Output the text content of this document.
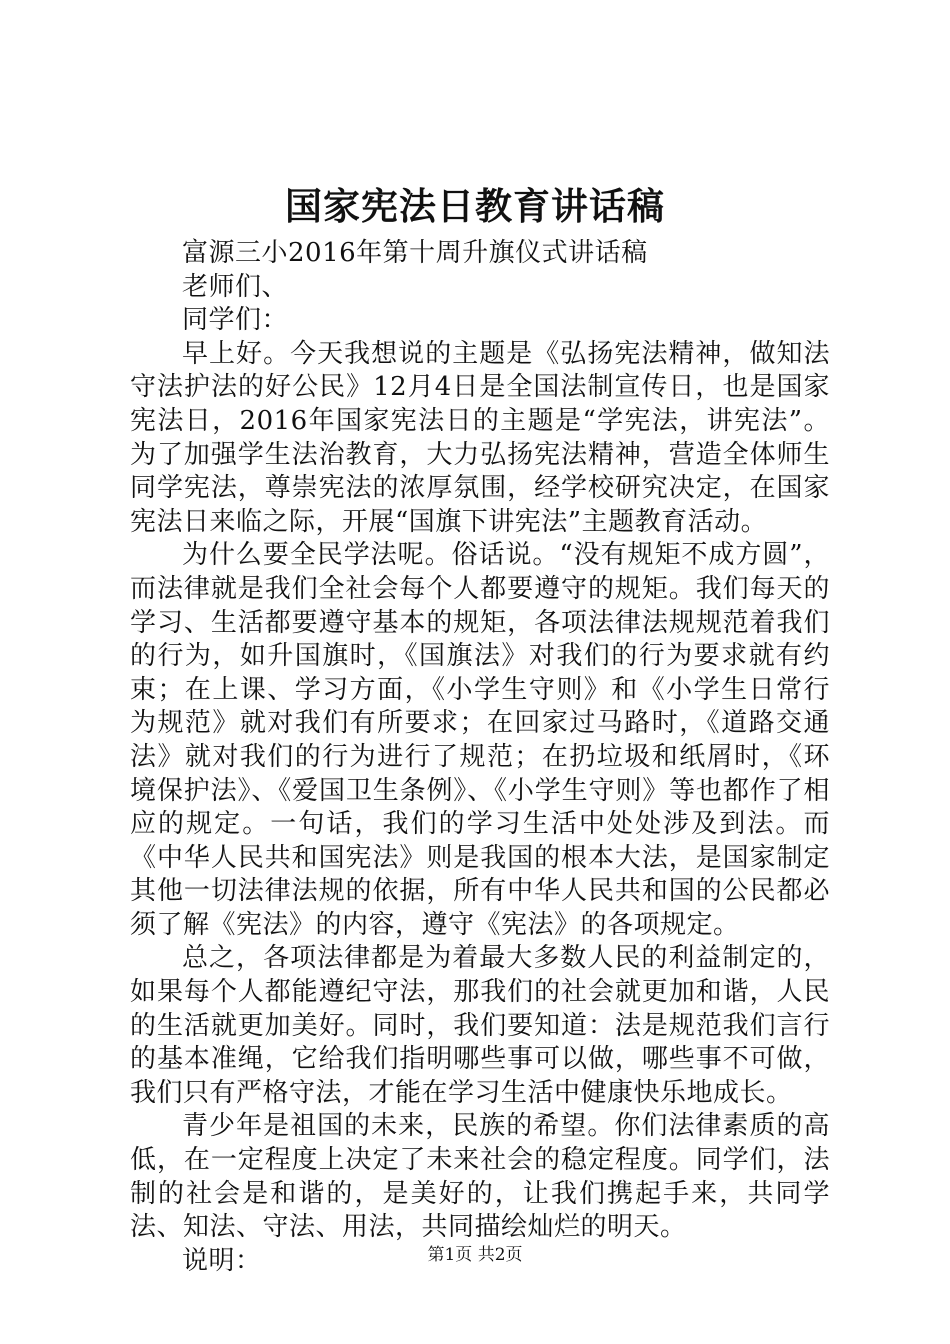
国家宪法日教育讲话稿

富源三小2016年第十周升旗仪式讲话稿

老师们、

同学们：

早上好。今天我想说的主题是《弘扬宪法精神，做知法守法护法的好公民》12月4日是全国法制宣传日，也是国家宪法日，2016年国家宪法日的主题是“学宪法，讲宪法”。为了加强学生法治教育，大力弘扬宪法精神，营造全体师生同学宪法，尊崇宪法的浓厚氛围，经学校研究决定，在国家宪法日来临之际，开展“国旗下讲宪法”主题教育活动。

为什么要全民学法呢。俗话说。“没有规矩不成方圆”，而法律就是我们全社会每个人都要遵守的规矩。我们每天的学习、生活都要遵守基本的规矩，各项法律法规规范着我们的行为，如升国旗时，《国旗法》对我们的行为要求就有约束；在上课、学习方面，《小学生守则》和《小学生日常行为规范》就对我们有所要求；在回家过马路时，《道路交通法》就对我们的行为进行了规范；在扔垃圾和纸屑时，《环境保护法》、《爱国卫生条例》、《小学生守则》等也都作了相应的规定。一句话，我们的学习生活中处处涉及到法。而《中华人民共和国宪法》则是我国的根本大法，是国家制定其他一切法律法规的依据，所有中华人民共和国的公民都必须了解《宪法》的内容，遵守《宪法》的各项规定。

总之，各项法律都是为着最大多数人民的利益制定的，如果每个人都能遵纪守法，那我们的社会就更加和谐，人民的生活就更加美好。同时，我们要知道：法是规范我们言行的基本准绳，它给我们指明哪些事可以做，哪些事不可做，我们只有严格守法，才能在学习生活中健康快乐地成长。

青少年是祖国的未来，民族的希望。你们法律素质的高低，在一定程度上决定了未来社会的稳定程度。同学们，法制的社会是和谐的，是美好的，让我们携起手来，共同学法、知法、守法、用法，共同描绘灿烂的明天。

说明：	第1页 共2页
